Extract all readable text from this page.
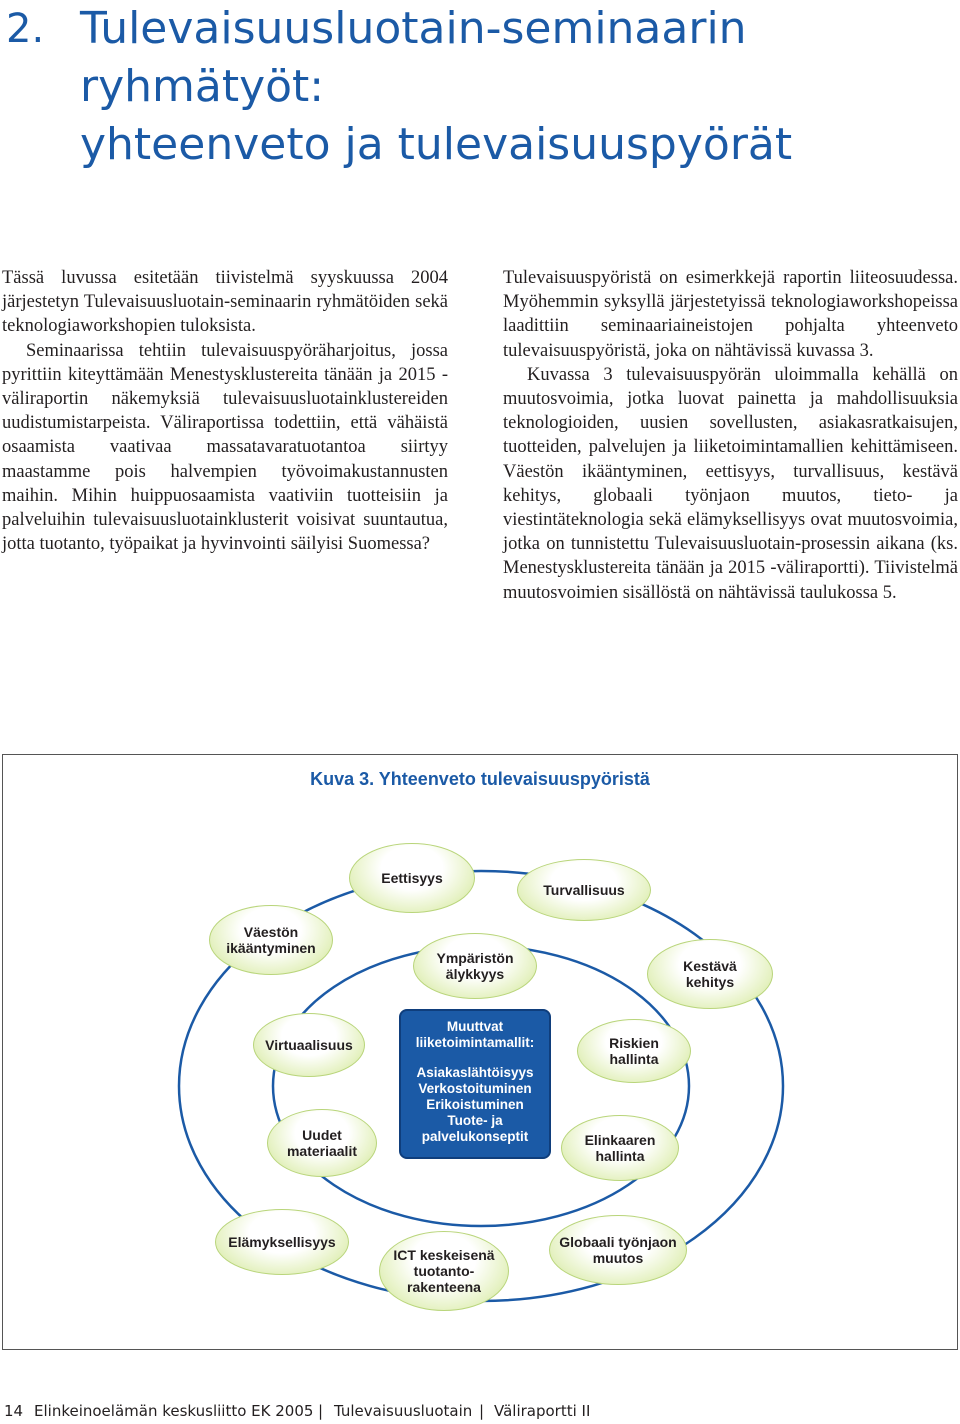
2. Tulevaisuusluotain-seminaarin
ryhmätyöt:
yhteenveto ja tulevaisuuspyörät

Tässä luvussa esitetään tiivistelmä syyskuussa 2004 järjestetyn Tulevaisuusluotain-seminaarin ryhmätöiden sekä teknologiaworkshopien tuloksista.

Seminaarissa tehtiin tulevaisuuspyöräharjoitus, jossa pyrittiin kiteyttämään Menestysklustereita tänään ja 2015 -väliraportin näkemyksiä tulevaisuusluotainklustereiden uudistumistarpeista. Väliraportissa todettiin, että vähäistä osaamista vaativaa massatavaratuotantoa siirtyy maastamme pois halvempien työvoimakustannusten maihin. Mihin huippuosaamista vaativiin tuotteisiin ja palveluihin tulevaisuusluotainklusterit voisivat suuntautua, jotta tuotanto, työpaikat ja hyvinvointi säilyisi Suomessa?

Tulevaisuuspyöristä on esimerkkejä raportin liiteosuudessa. Myöhemmin syksyllä järjestetyissä teknologiaworkshopeissa laadittiin seminaariaineistojen pohjalta yhteenveto tulevaisuuspyöristä, joka on nähtävissä kuvassa 3.

Kuvassa 3 tulevaisuuspyörän uloimmalla kehällä on muutosvoimia, jotka luovat painetta ja mahdollisuuksia teknologioiden, uusien sovellusten, asiakasratkaisujen, tuotteiden, palvelujen ja liiketoimintamallien kehittämiseen. Väestön ikääntyminen, eettisyys, turvallisuus, kestävä kehitys, globaali työnjaon muutos, tieto- ja viestintäteknologia sekä elämyksellisyys ovat muutosvoimia, jotka on tunnistettu Tulevaisuusluotain-prosessin aikana (ks. Menestysklustereita tänään ja 2015 -väliraportti). Tiivistelmä muutosvoimien sisällöstä on nähtävissä taulukossa 5.

Kuva 3. Yhteenveto tulevaisuuspyöristä
Eettisyys
Turvallisuus
Väestön
ikääntyminen
Ympäristön
älykkyys	Kestävä
kehitys
Virtuaalisuus
Uudet
materiaalit
Riskien
hallinta
Elinkaaren
hallinta
Elämyksellisyys
ICT keskeisenä
tuotanto-
rakenteena
Globaali työnjaon
muutos
Muuttvat
liiketoimintamallit:
Asiakaslähtöisyys
Verkostoituminen
Erikoistuminen
Tuote- ja
palvelukonseptit
14 Elinkeinoelämän keskusliitto EK 2005 | Tulevaisuusluotain | Väliraportti II
